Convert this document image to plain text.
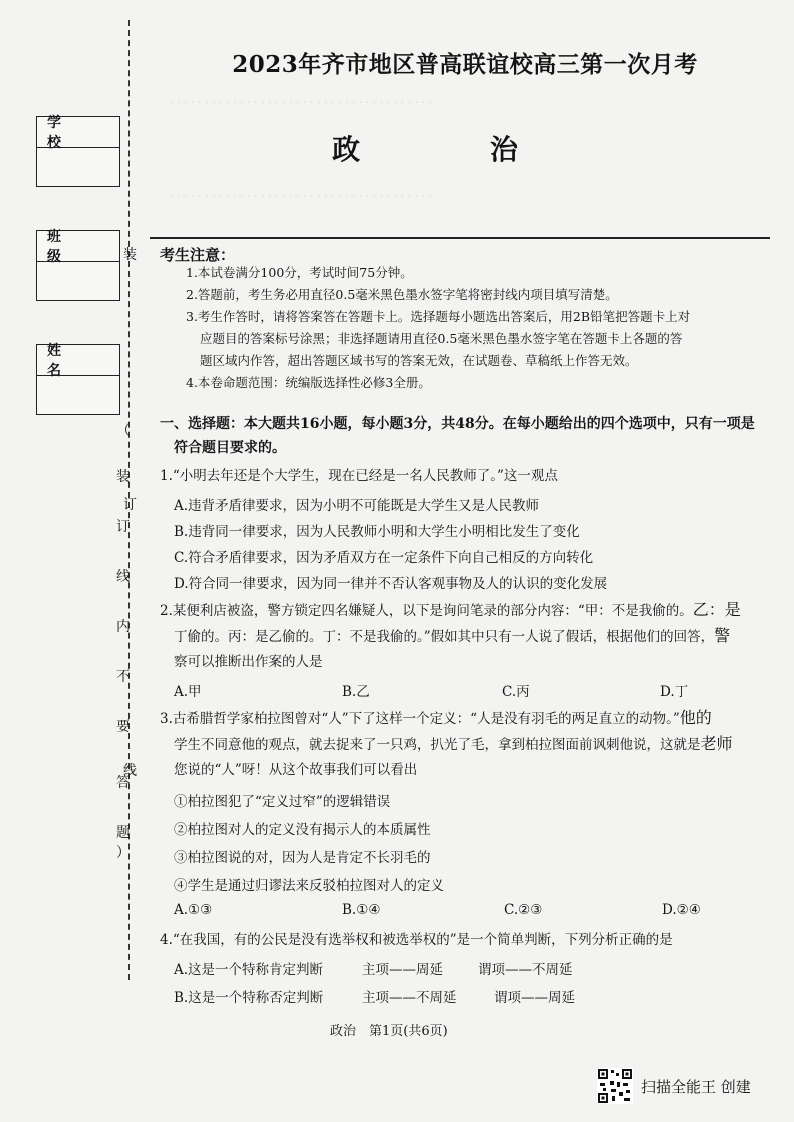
学 校
班 级
姓 名
装
订
线
（
装
订
线
内
不
要
答
题
）
· · · · · · · · · · · · · · · · · · · · · · · · · · · · · · · · · · · · · ·
· · · · · · · · · · · · · · · · · · · · · · · · · · · · · · · · · · · · · ·
2023年齐市地区普高联谊校高三第一次月考
政 治
考生注意：
1.本试卷满分100分，考试时间75分钟。
2.答题前，考生务必用直径0.5毫米黑色墨水签字笔将密封线内项目填写清楚。
3.考生作答时，请将答案答在答题卡上。选择题每小题选出答案后，用2B铅笔把答题卡上对
应题目的答案标号涂黑；非选择题请用直径0.5毫米黑色墨水签字笔在答题卡上各题的答
题区域内作答，超出答题区域书写的答案无效，在试题卷、草稿纸上作答无效。
4.本卷命题范围：统编版选择性必修3全册。
一、选择题：本大题共16小题，每小题3分，共48分。在每小题给出的四个选项中，只有一项是
符合题目要求的。
1.“小明去年还是个大学生，现在已经是一名人民教师了。”这一观点
A.违背矛盾律要求，因为小明不可能既是大学生又是人民教师
B.违背同一律要求，因为人民教师小明和大学生小明相比发生了变化
C.符合矛盾律要求，因为矛盾双方在一定条件下向自己相反的方向转化
D.符合同一律要求，因为同一律并不否认客观事物及人的认识的变化发展
2.某便利店被盗，警方锁定四名嫌疑人，以下是询问笔录的部分内容：“甲：不是我偷的。乙：是
丁偷的。丙：是乙偷的。丁：不是我偷的。”假如其中只有一人说了假话，根据他们的回答，警
察可以推断出作案的人是
A.甲	B.乙	C.丙	D.丁
3.古希腊哲学家柏拉图曾对“人”下了这样一个定义：“人是没有羽毛的两足直立的动物。”他的
学生不同意他的观点，就去捉来了一只鸡，扒光了毛，拿到柏拉图面前讽刺他说，这就是老师
您说的“人”呀！从这个故事我们可以看出
①柏拉图犯了“定义过窄”的逻辑错误
②柏拉图对人的定义没有揭示人的本质属性
③柏拉图说的对，因为人是肯定不长羽毛的
④学生是通过归谬法来反驳柏拉图对人的定义
A.①③	B.①④	C.②③	D.②④
4.“在我国，有的公民是没有选举权和被选举权的”是一个简单判断，下列分析正确的是
A.这是一个特称肯定判断	主项——周延	谓项——不周延
B.这是一个特称否定判断	主项——不周延	谓项——周延
政治　第1页(共6页)
扫描全能王 创建
